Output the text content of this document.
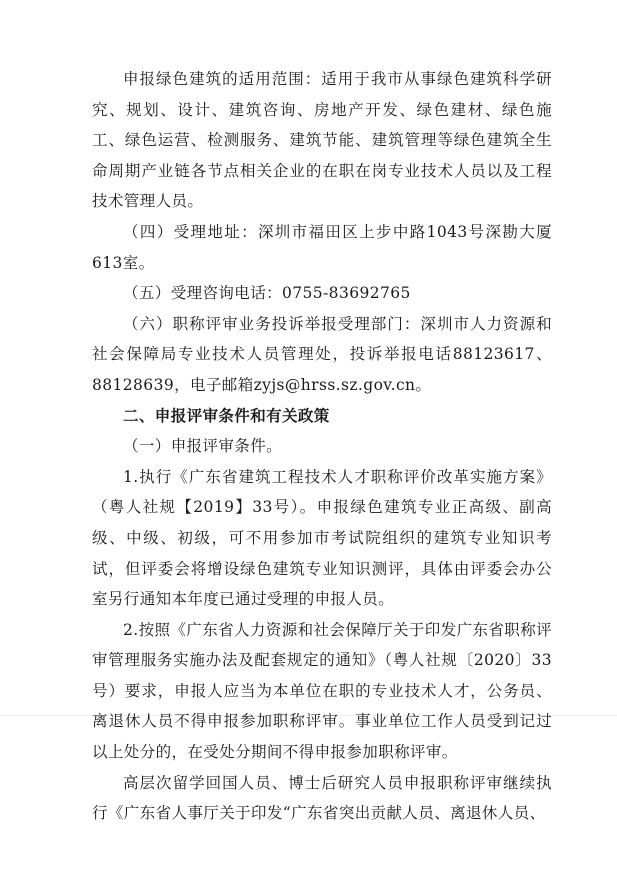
申报绿色建筑的适用范围：适用于我市从事绿色建筑科学研究、规划、设计、建筑咨询、房地产开发、绿色建材、绿色施工、绿色运营、检测服务、建筑节能、建筑管理等绿色建筑全生命周期产业链各节点相关企业的在职在岗专业技术人员以及工程技术管理人员。

（四）受理地址：深圳市福田区上步中路1043号深勘大厦613室。

（五）受理咨询电话：0755-83692765

（六）职称评审业务投诉举报受理部门：深圳市人力资源和社会保障局专业技术人员管理处，投诉举报电话88123617、88128639，电子邮箱zyjs@hrss.sz.gov.cn。

二、申报评审条件和有关政策

（一）申报评审条件。

1.执行《广东省建筑工程技术人才职称评价改革实施方案》（粤人社规【2019】33号）。申报绿色建筑专业正高级、副高级、中级、初级，可不用参加市考试院组织的建筑专业知识考试，但评委会将增设绿色建筑专业知识测评，具体由评委会办公室另行通知本年度已通过受理的申报人员。

2.按照《广东省人力资源和社会保障厅关于印发广东省职称评审管理服务实施办法及配套规定的通知》（粤人社规〔2020〕33号）要求，申报人应当为本单位在职的专业技术人才，公务员、离退休人员不得申报参加职称评审。事业单位工作人员受到记过以上处分的，在受处分期间不得申报参加职称评审。

高层次留学回国人员、博士后研究人员申报职称评审继续执行《广东省人事厅关于印发“广东省突出贡献人员、离退休人员、
